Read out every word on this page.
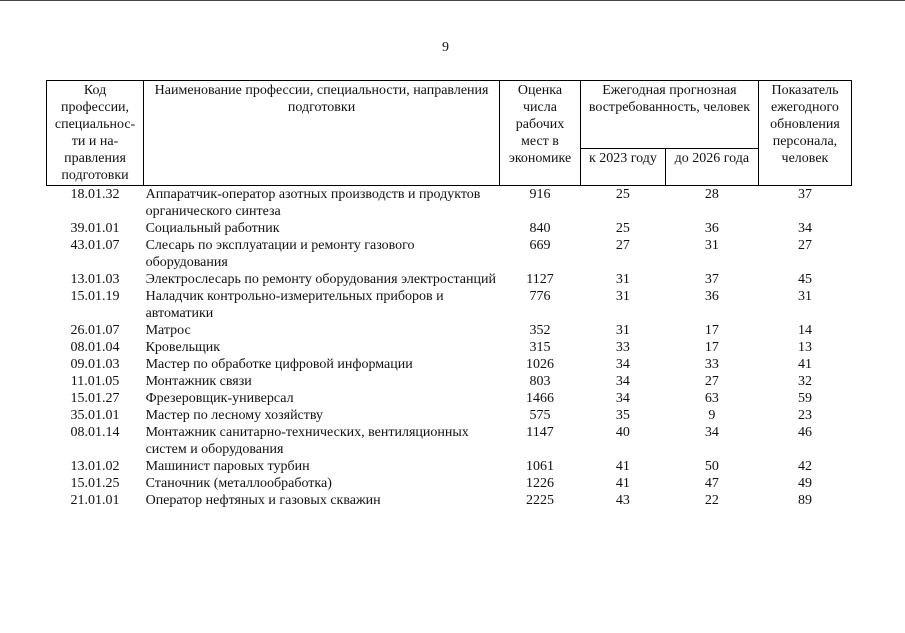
9
Код профессии, специальнос-ти и на-правления подготовки	Наименование профессии, специальности, направления подготовки	Оценка числа рабочих мест в экономике	Ежегодная прогнозная востребованность, человек		Показатель ежегодного обновления персонала, человек
			к 2023 году	до 2026 года	
18.01.32	Аппаратчик-оператор азотных производств и продуктов органического синтеза	916	25	28	37
39.01.01	Социальный работник	840	25	36	34
43.01.07	Слесарь по эксплуатации и ремонту газового оборудования	669	27	31	27
13.01.03	Электрослесарь по ремонту оборудования электростанций	1127	31	37	45
15.01.19	Наладчик контрольно-измерительных приборов и автоматики	776	31	36	31
26.01.07	Матрос	352	31	17	14
08.01.04	Кровельщик	315	33	17	13
09.01.03	Мастер по обработке цифровой информации	1026	34	33	41
11.01.05	Монтажник связи	803	34	27	32
15.01.27	Фрезеровщик-универсал	1466	34	63	59
35.01.01	Мастер по лесному хозяйству	575	35	9	23
08.01.14	Монтажник санитарно-технических, вентиляционных систем и оборудования	1147	40	34	46
13.01.02	Машинист паровых турбин	1061	41	50	42
15.01.25	Станочник (металлообработка)	1226	41	47	49
21.01.01	Оператор нефтяных и газовых скважин	2225	43	22	89
